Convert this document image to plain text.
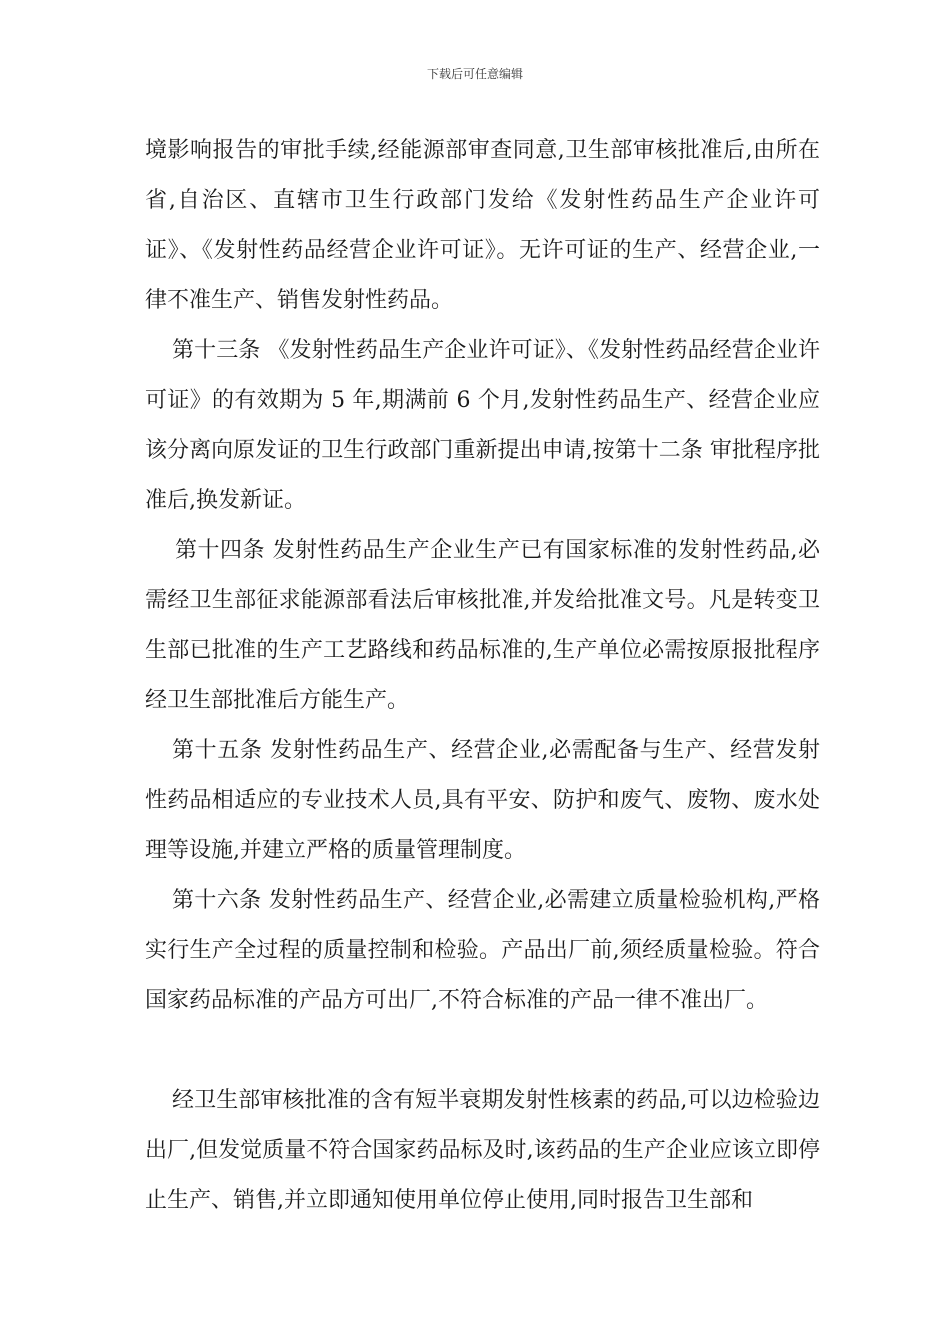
下载后可任意编辑

境影响报告的审批手续,经能源部审查同意,卫生部审核批准后,由所在省,自治区、直辖市卫生行政部门发给《发射性药品生产企业许可证》、《发射性药品经营企业许可证》。无许可证的生产、经营企业,一律不准生产、销售发射性药品。

第十三条 《发射性药品生产企业许可证》、《发射性药品经营企业许可证》的有效期为 5 年,期满前 6 个月,发射性药品生产、经营企业应该分离向原发证的卫生行政部门重新提出申请,按第十二条 审批程序批准后,换发新证。

第十四条 发射性药品生产企业生产已有国家标准的发射性药品,必需经卫生部征求能源部看法后审核批准,并发给批准文号。凡是转变卫生部已批准的生产工艺路线和药品标准的,生产单位必需按原报批程序经卫生部批准后方能生产。

第十五条 发射性药品生产、经营企业,必需配备与生产、经营发射性药品相适应的专业技术人员,具有平安、防护和废气、废物、废水处理等设施,并建立严格的质量管理制度。

第十六条 发射性药品生产、经营企业,必需建立质量检验机构,严格实行生产全过程的质量控制和检验。产品出厂前,须经质量检验。符合国家药品标准的产品方可出厂,不符合标准的产品一律不准出厂。

经卫生部审核批准的含有短半衰期发射性核素的药品,可以边检验边出厂,但发觉质量不符合国家药品标及时,该药品的生产企业应该立即停止生产、销售,并立即通知使用单位停止使用,同时报告卫生部和
